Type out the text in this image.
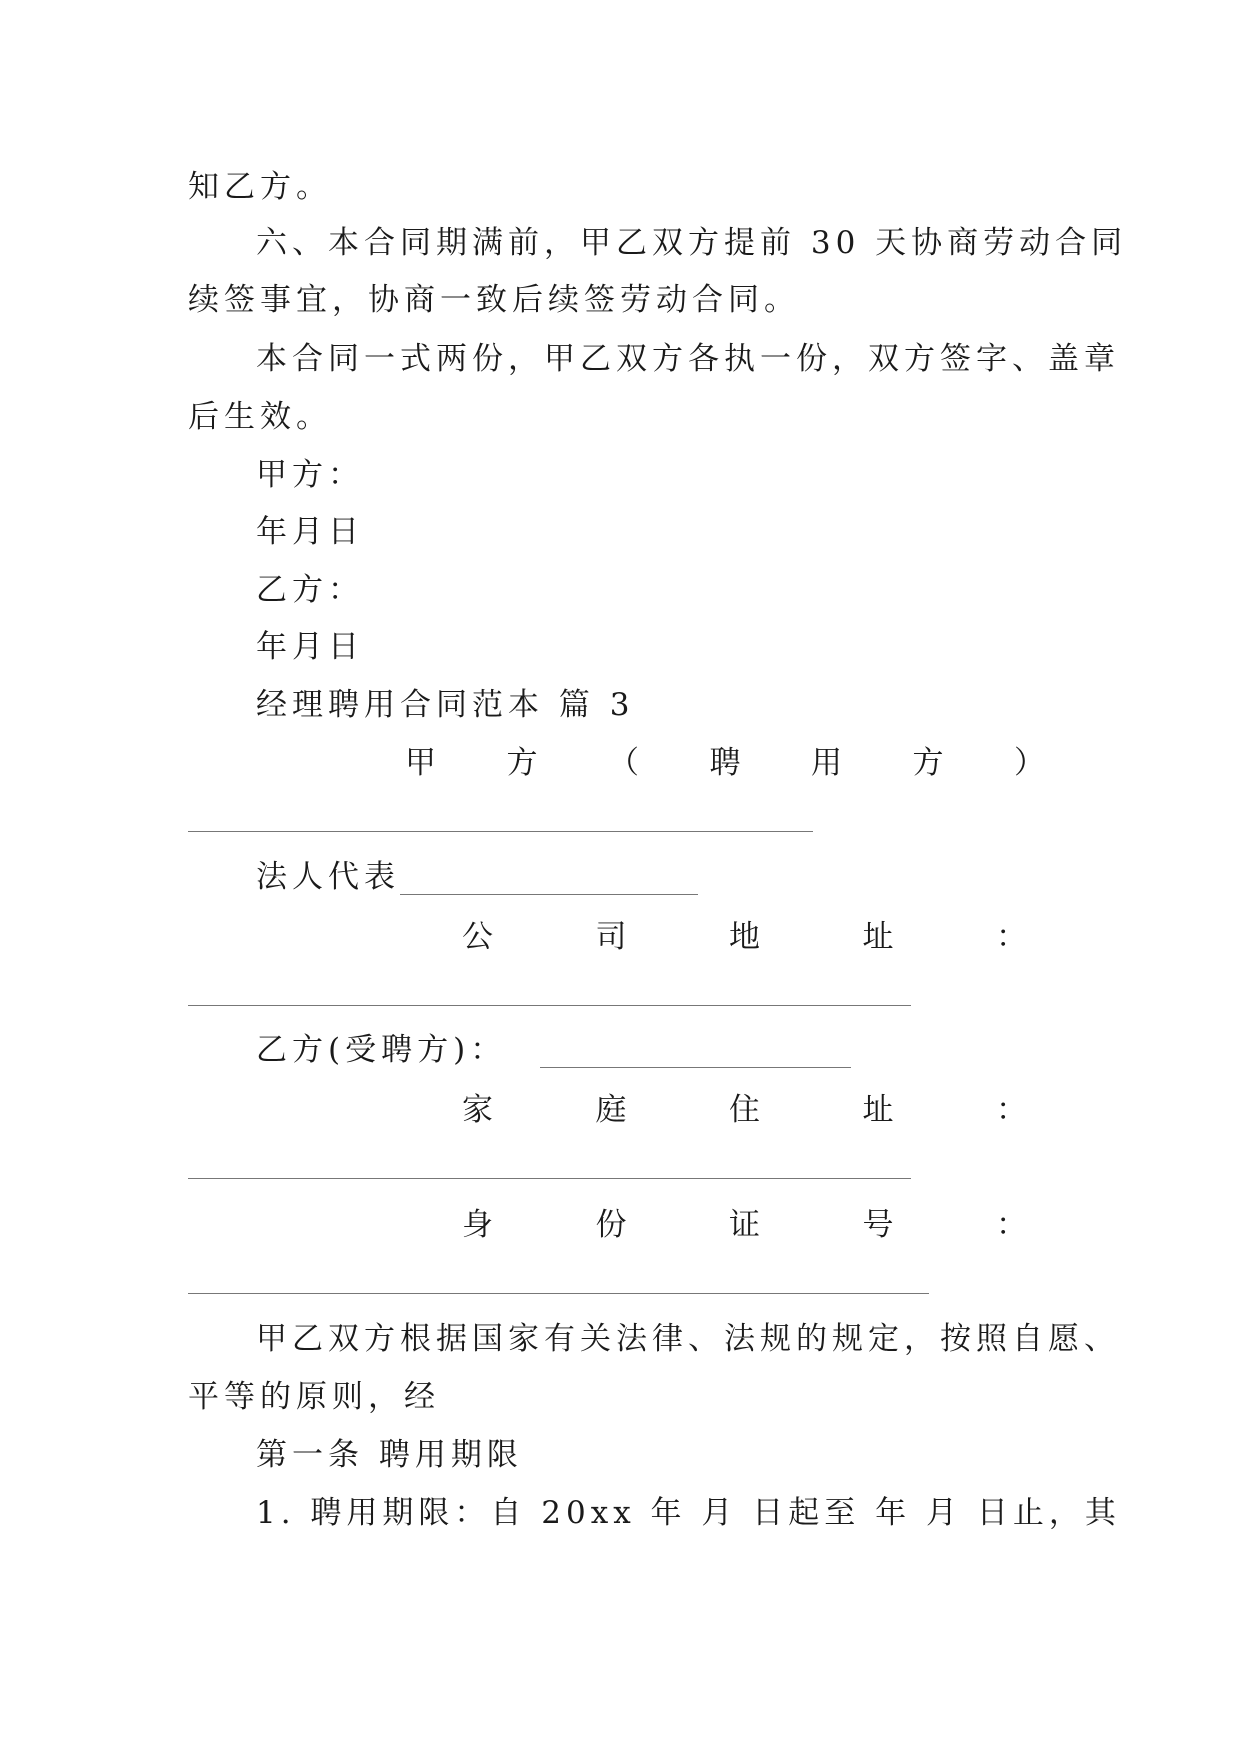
知乙方。
六、本合同期满前，甲乙双方提前 30 天协商劳动合同
续签事宜，协商一致后续签劳动合同。
本合同一式两份，甲乙双方各执一份，双方签字、盖章
后生效。
甲方：
年月日
乙方：
年月日
经理聘用合同范本 篇 3
甲 方 （ 聘 用 方 ）
法人代表
公	司	地	址	：
乙方(受聘方)：
家	庭	住	址	：
身	份	证	号	：
甲乙双方根据国家有关法律、法规的规定，按照自愿、
平等的原则，经
第一条 聘用期限
1. 聘用期限：自 20xx 年 月 日起至 年 月 日止，其
